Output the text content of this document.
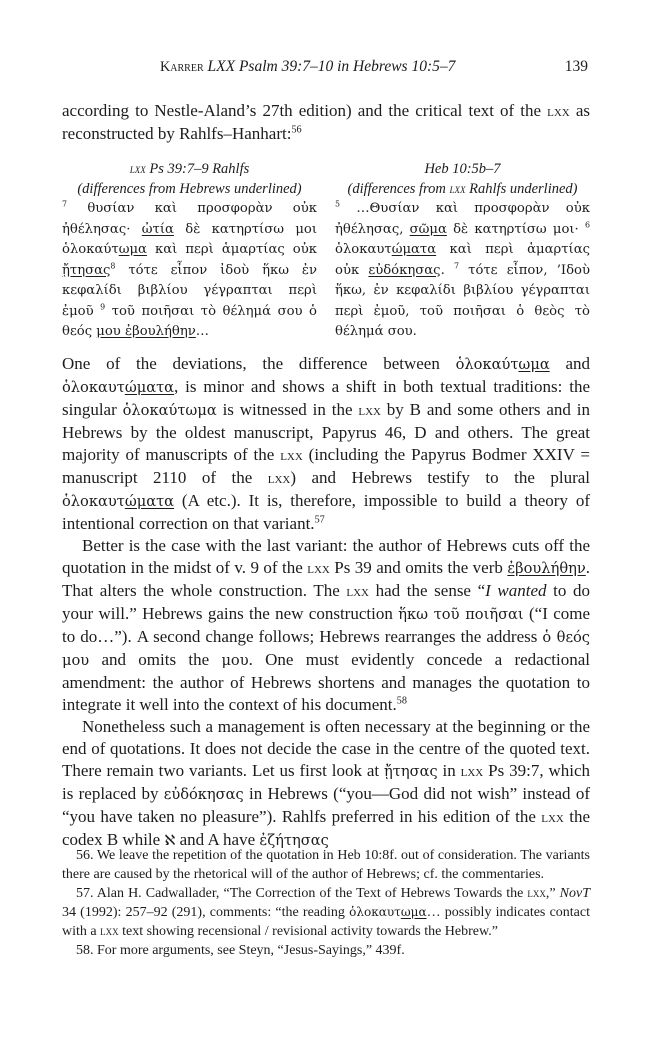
Karrer LXX Psalm 39:7–10 in Hebrews 10:5–7	139

according to Nestle-Aland’s 27th edition) and the critical text of the lxx as reconstructed by Rahlfs–Hanhart:$^{56}$

lxx Ps 39:7–9 Rahlfs
(differences from Hebrews underlined)
$^7$ θυσίαν καὶ προσφορὰν οὐκ ἠθέλησας· ὠτία δὲ κατηρτίσω μοι ὁλοκαύτωμα καὶ περὶ ἁμαρτίας οὐκ ᾔτησας$^8$ τότε εἶπον ἰδοὺ ἥκω ἐν κεφαλίδι βιβλίου γέγραπται περὶ ἐμοῦ $^9$ τοῦ ποιῆσαι τὸ θέλημά σου ὁ θεός μου ἐβουλήθην…
Heb 10:5b–7
(differences from lxx Rahlfs underlined)
$^5$ …Θυσίαν καὶ προσφορὰν οὐκ ἠθέλησας, σῶμα δὲ κατηρτίσω μοι· $^6$ ὁλοκαυτώματα καὶ περὶ ἁμαρτίας οὐκ εὐδόκησας. $^7$ τότε εἶπον, ’Ιδοὺ ἥκω, ἐν κεφαλίδι βιβλίου γέγραπται περὶ ἐμοῦ, τοῦ ποιῆσαι ὁ θεὸς τὸ θέλημά σου.

One of the deviations, the difference between ὁλοκαύτωμα and ὁλοκαυτώματα, is minor and shows a shift in both textual traditions: the singular ὁλοκαύτωμα is witnessed in the lxx by B and some others and in Hebrews by the oldest manuscript, Papyrus 46, D and others. The great majority of manuscripts of the lxx (including the Papyrus Bodmer XXIV = manuscript 2110 of the lxx) and Hebrews testify to the plural ὁλοκαυτώματα (A etc.). It is, therefore, impossible to build a theory of intentional correction on that variant.$^{57}$

Better is the case with the last variant: the author of Hebrews cuts off the quotation in the midst of v. 9 of the lxx Ps 39 and omits the verb ἐβουλήθην. That alters the whole construction. The lxx had the sense “I wanted to do your will.” Hebrews gains the new construction ἥκω τοῦ ποιῆσαι (“I come to do…”). A second change follows; Hebrews rearranges the address ὁ θεός μου and omits the μου. One must evidently concede a redactional amendment: the author of Hebrews shortens and manages the quotation to integrate it well into the context of his document.$^{58}$

Nonetheless such a management is often necessary at the beginning or the end of quotations. It does not decide the case in the centre of the quoted text. There remain two variants. Let us first look at ᾔτησας in lxx Ps 39:7, which is replaced by εὐδόκησας in Hebrews (“you—God did not wish” instead of “you have taken no pleasure”). Rahlfs preferred in his edition of the lxx the codex B while ℵ and A have ἐζήτησας

56. We leave the repetition of the quotation in Heb 10:8f. out of consideration. The variants there are caused by the rhetorical will of the author of Hebrews; cf. the commentaries.

57. Alan H. Cadwallader, “The Correction of the Text of Hebrews Towards the lxx,” NovT 34 (1992): 257–92 (291), comments: “the reading ὁλοκαυτωμα… possibly indicates contact with a lxx text showing recensional / revisional activity towards the Hebrew.”

58. For more arguments, see Steyn, “Jesus-Sayings,” 439f.
